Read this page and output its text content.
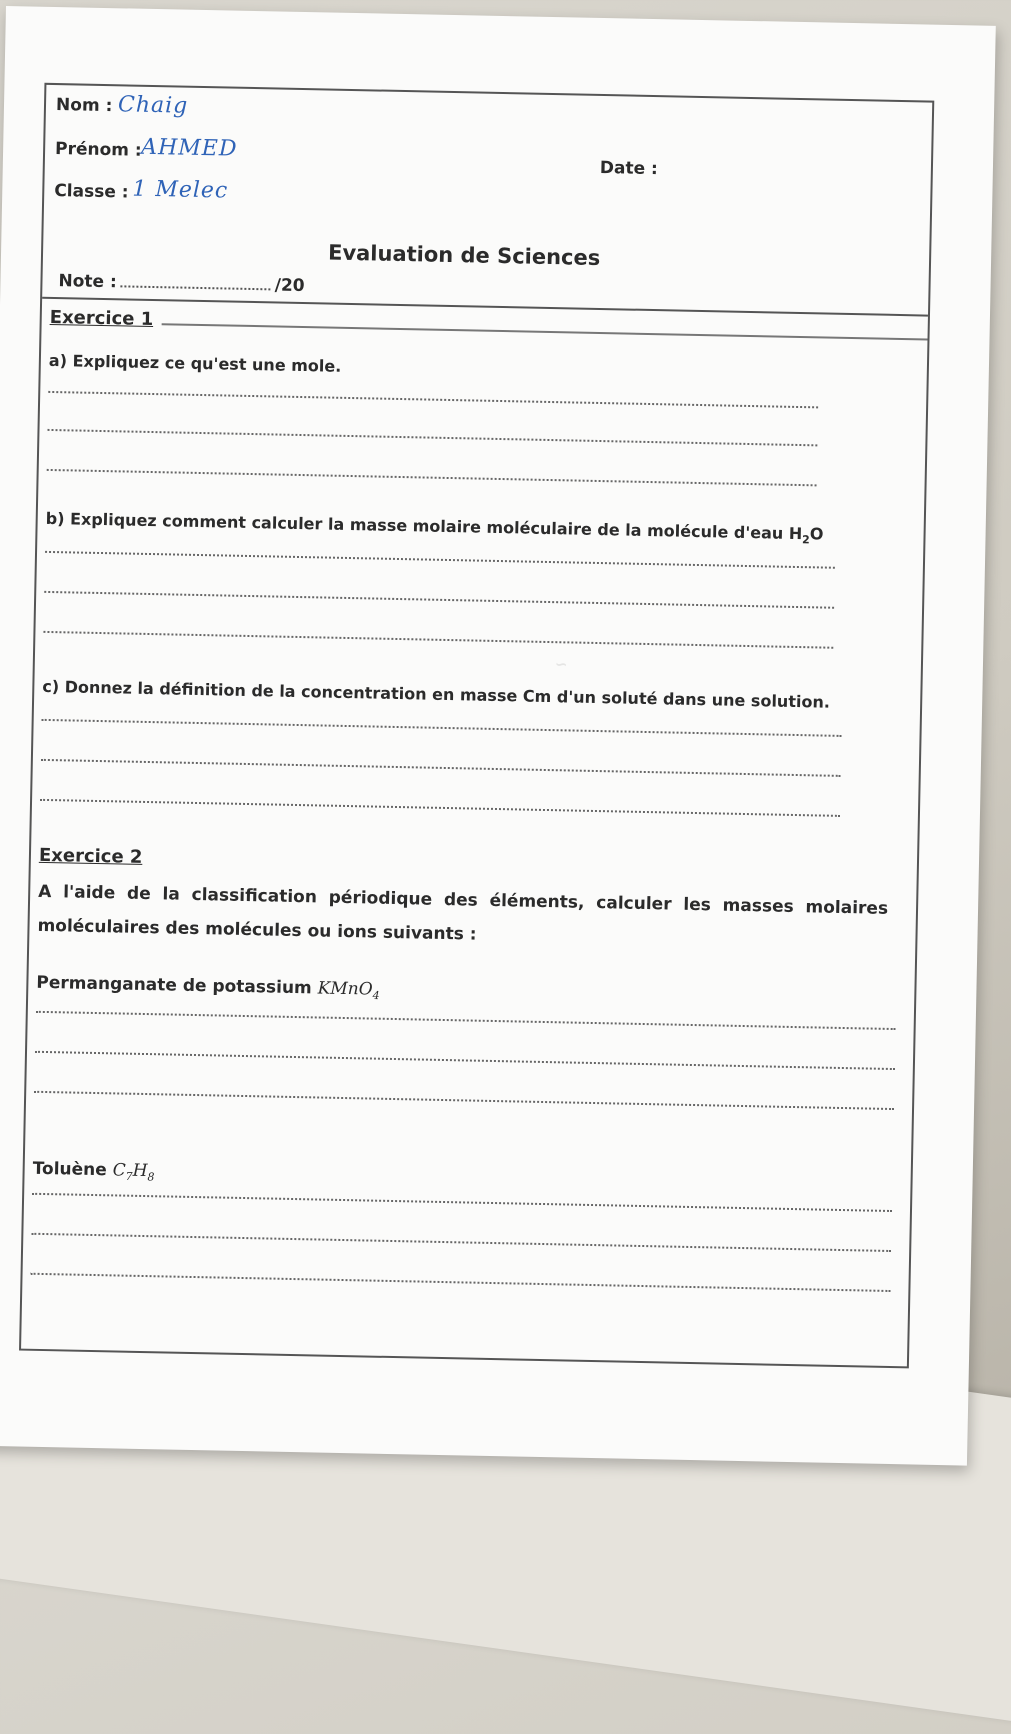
~
Nom : Chaig
Prénom : AHMED
Date :
Classe : 1 Melec
Evaluation de Sciences
Note :	/20
Exercice 1
a) Expliquez ce qu'est une mole.
b) Expliquez comment calculer la masse molaire moléculaire de la molécule d'eau $H_2O$
c) Donnez la définition de la concentration en masse Cm d'un soluté dans une solution.
Exercice 2
A l'aide de la classification périodique des éléments, calculer les masses molaires moléculaires des molécules ou ions suivants :
Permanganate de potassium KMnO$_4$
Toluène $C_7H_8$
